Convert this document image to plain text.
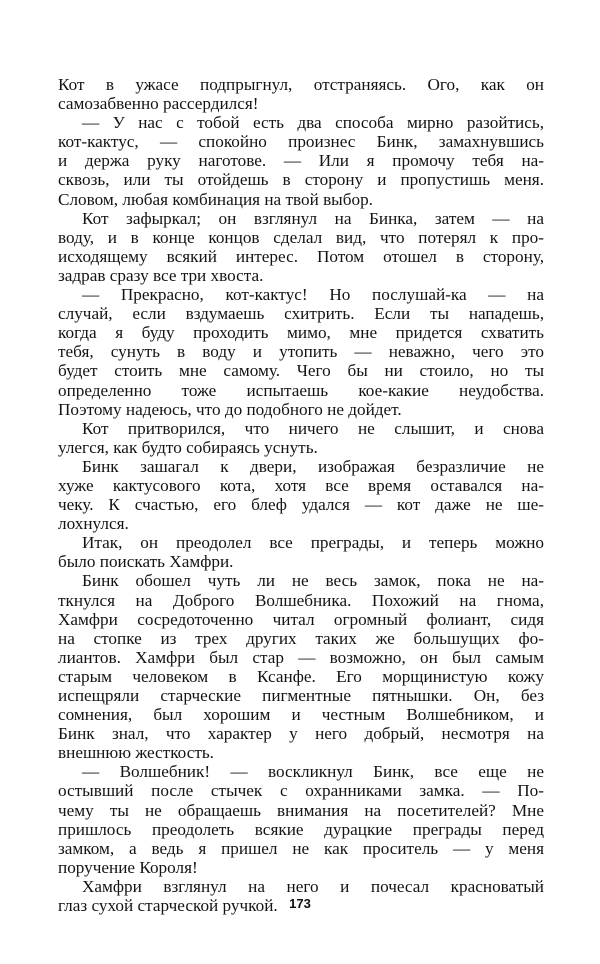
Кот в ужасе подпрыгнул, отстраняясь. Ого, как он
самозабвенно рассердился!
— У нас с тобой есть два способа мирно разойтись,
кот-кактус, — спокойно произнес Бинк, замахнувшись
и держа руку наготове. — Или я промочу тебя на-
сквозь, или ты отойдешь в сторону и пропустишь меня.
Словом, любая комбинация на твой выбор.
Кот зафыркал; он взглянул на Бинка, затем — на
воду, и в конце концов сделал вид, что потерял к про-
исходящему всякий интерес. Потом отошел в сторону,
задрав сразу все три хвоста.
— Прекрасно, кот-кактус! Но послушай-ка — на
случай, если вздумаешь схитрить. Если ты нападешь,
когда я буду проходить мимо, мне придется схватить
тебя, сунуть в воду и утопить — неважно, чего это
будет стоить мне самому. Чего бы ни стоило, но ты
определенно тоже испытаешь кое-какие неудобства.
Поэтому надеюсь, что до подобного не дойдет.
Кот притворился, что ничего не слышит, и снова
улегся, как будто собираясь уснуть.
Бинк зашагал к двери, изображая безразличие не
хуже кактусового кота, хотя все время оставался на-
чеку. К счастью, его блеф удался — кот даже не ше-
лохнулся.
Итак, он преодолел все преграды, и теперь можно
было поискать Хамфри.
Бинк обошел чуть ли не весь замок, пока не на-
ткнулся на Доброго Волшебника. Похожий на гнома,
Хамфри сосредоточенно читал огромный фолиант, сидя
на стопке из трех других таких же большущих фо-
лиантов. Хамфри был стар — возможно, он был самым
старым человеком в Ксанфе. Его морщинистую кожу
испещряли старческие пигментные пятнышки. Он, без
сомнения, был хорошим и честным Волшебником, и
Бинк знал, что характер у него добрый, несмотря на
внешнюю жесткость.
— Волшебник! — воскликнул Бинк, все еще не
остывший после стычек с охранниками замка. — По-
чему ты не обращаешь внимания на посетителей? Мне
пришлось преодолеть всякие дурацкие преграды перед
замком, а ведь я пришел не как проситель — у меня
поручение Короля!
Хамфри взглянул на него и почесал красноватый
глаз сухой старческой ручкой. 173
